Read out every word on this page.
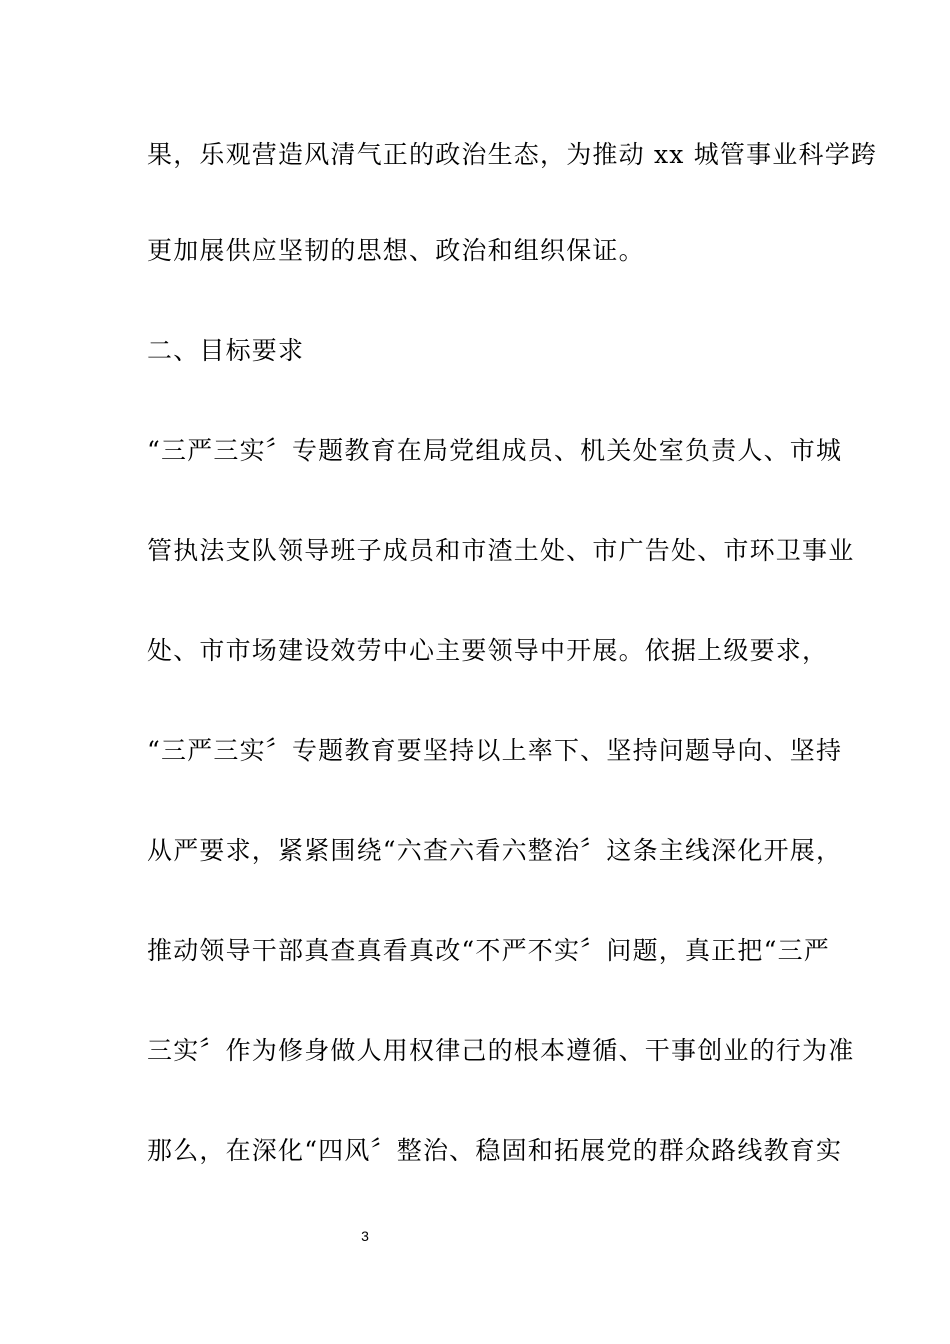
果，乐观营造风清气正的政治生态，为推动 xx 城管事业科学跨
更加展供应坚韧的思想、政治和组织保证。
二、目标要求
“三严三实〞专题教育在局党组成员、机关处室负责人、市城
管执法支队领导班子成员和市渣土处、市广告处、市环卫事业
处、市市场建设效劳中心主要领导中开展。依据上级要求，
“三严三实〞专题教育要坚持以上率下、坚持问题导向、坚持
从严要求，紧紧围绕“六查六看六整治〞这条主线深化开展，
推动领导干部真查真看真改“不严不实〞问题，真正把“三严
三实〞作为修身做人用权律己的根本遵循、干事创业的行为准
那么，在深化“四风〞整治、稳固和拓展党的群众路线教育实
3
